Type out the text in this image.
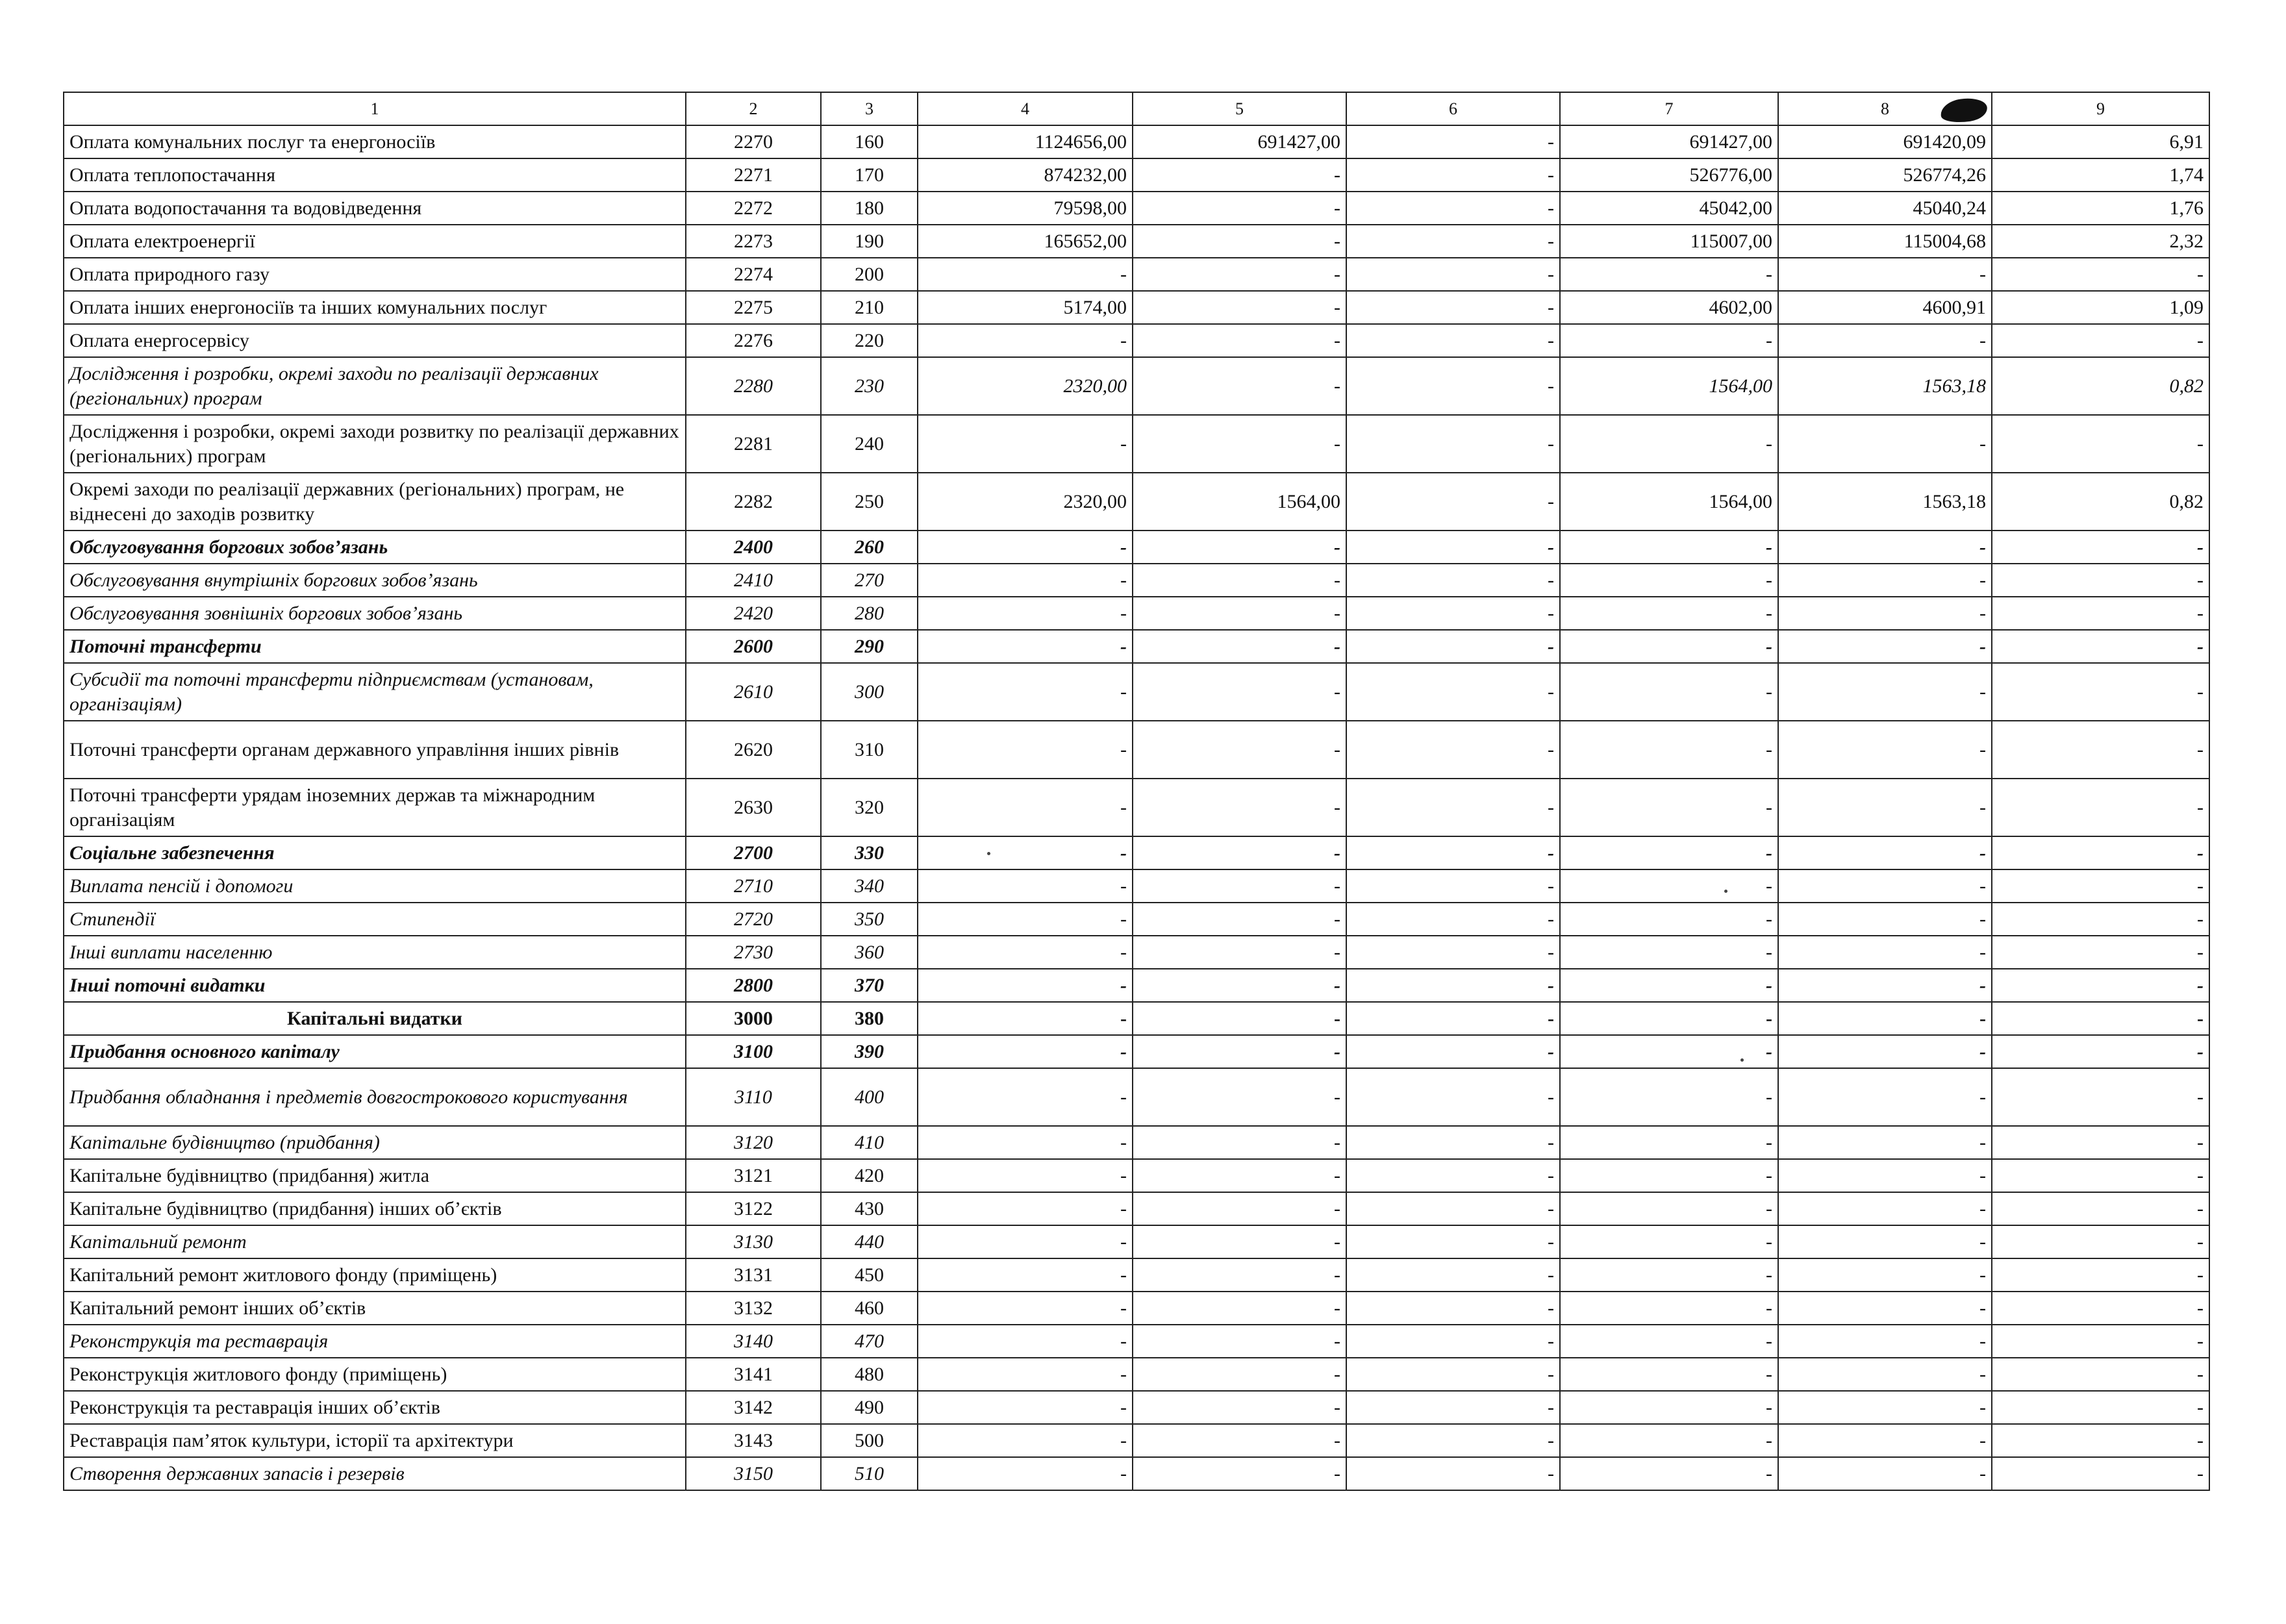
1	2	3	4	5	6	7	8	9
Оплата комунальних послуг та енергоносіїв	2270	160	1124656,00	691427,00	-	691427,00	691420,09	6,91
Оплата теплопостачання	2271	170	874232,00	-	-	526776,00	526774,26	1,74
Оплата водопостачання та водовідведення	2272	180	79598,00	-	-	45042,00	45040,24	1,76
Оплата електроенергії	2273	190	165652,00	-	-	115007,00	115004,68	2,32
Оплата природного газу	2274	200	-	-	-	-	-	-
Оплата інших енергоносіїв та інших комунальних послуг	2275	210	5174,00	-	-	4602,00	4600,91	1,09
Оплата енергосервісу	2276	220	-	-	-	-	-	-
Дослідження і розробки, окремі заходи по реалізації державних (регіональних) програм	2280	230	2320,00	-	-	1564,00	1563,18	0,82
Дослідження і розробки, окремі заходи розвитку по реалізації державних (регіональних) програм	2281	240	-	-	-	-	-	-
Окремі заходи по реалізації державних (регіональних) програм, не віднесені до заходів розвитку	2282	250	2320,00	1564,00	-	1564,00	1563,18	0,82
Обслуговування боргових зобов’язань	2400	260	-	-	-	-	-	-
Обслуговування внутрішніх боргових зобов’язань	2410	270	-	-	-	-	-	-
Обслуговування зовнішніх боргових зобов’язань	2420	280	-	-	-	-	-	-
Поточні трансферти	2600	290	-	-	-	-	-	-
Субсидії та поточні трансферти підприємствам (установам, організаціям)	2610	300	-	-	-	-	-	-
Поточні трансферти органам державного управління інших рівнів	2620	310	-	-	-	-	-	-
Поточні трансферти урядам іноземних держав та міжнародним організаціям	2630	320	-	-	-	-	-	-
Соціальне забезпечення	2700	330	-	-	-	-	-	-
Виплата пенсій і допомоги	2710	340	-	-	-	-	-	-
Стипендії	2720	350	-	-	-	-	-	-
Інші виплати населенню	2730	360	-	-	-	-	-	-
Інші поточні видатки	2800	370	-	-	-	-	-	-
Капітальні видатки	3000	380	-	-	-	-	-	-
Придбання основного капіталу	3100	390	-	-	-	-	-	-
Придбання обладнання і предметів довгострокового користування	3110	400	-	-	-	-	-	-
Капітальне будівництво (придбання)	3120	410	-	-	-	-	-	-
Капітальне будівництво (придбання) житла	3121	420	-	-	-	-	-	-
Капітальне будівництво (придбання) інших об’єктів	3122	430	-	-	-	-	-	-
Капітальний ремонт	3130	440	-	-	-	-	-	-
Капітальний ремонт житлового фонду (приміщень)	3131	450	-	-	-	-	-	-
Капітальний ремонт інших об’єктів	3132	460	-	-	-	-	-	-
Реконструкція та реставрація	3140	470	-	-	-	-	-	-
Реконструкція житлового фонду (приміщень)	3141	480	-	-	-	-	-	-
Реконструкція та реставрація інших об’єктів	3142	490	-	-	-	-	-	-
Реставрація пам’яток культури, історії та архітектури	3143	500	-	-	-	-	-	-
Створення державних запасів і резервів	3150	510	-	-	-	-	-	-
